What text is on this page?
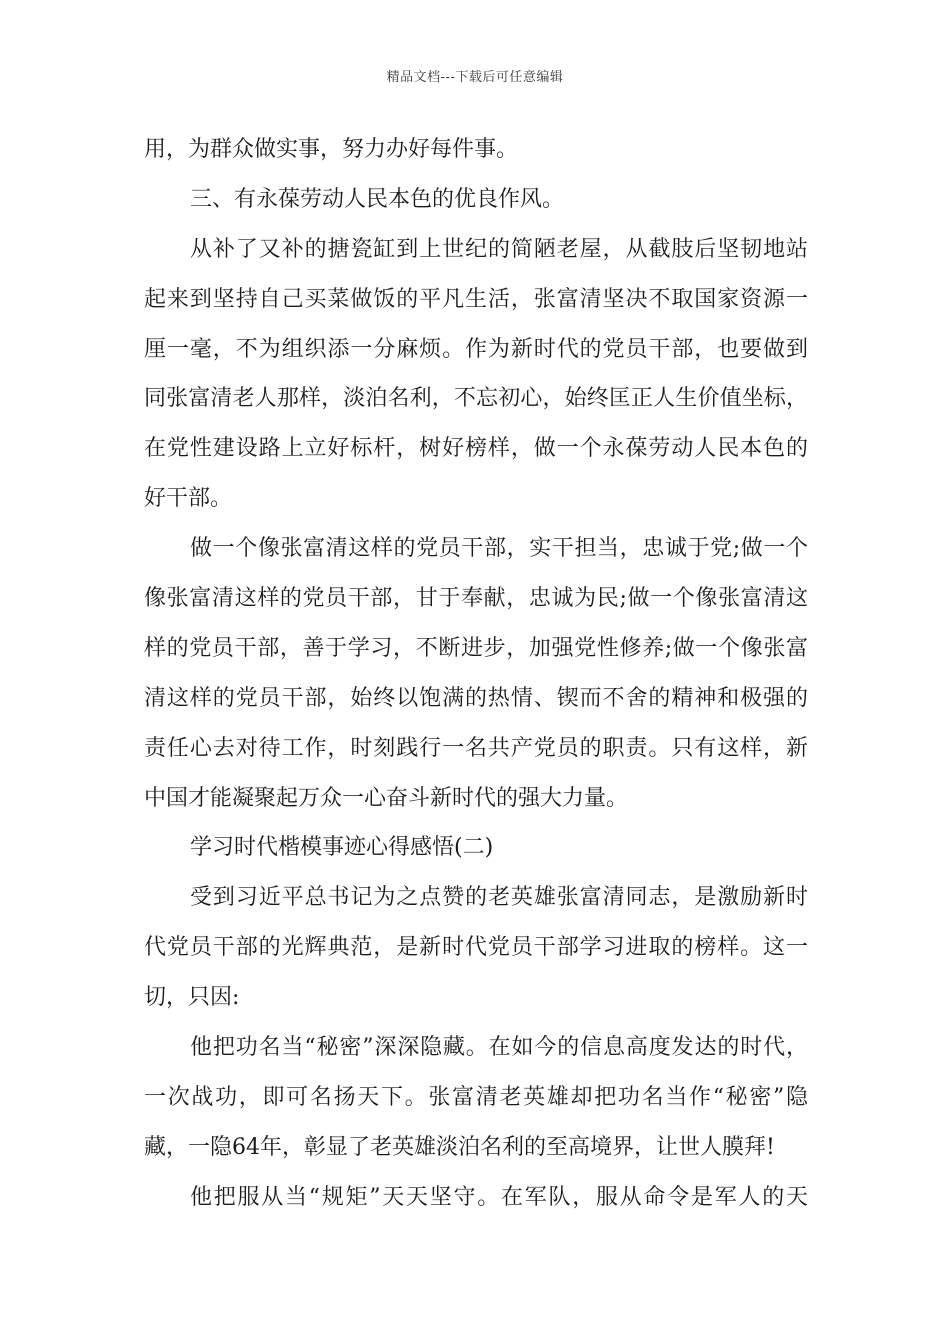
精品文档---下载后可任意编辑
用，为群众做实事，努力办好每件事。
三、有永葆劳动人民本色的优良作风。
从补了又补的搪瓷缸到上世纪的简陋老屋，从截肢后坚韧地站
起来到坚持自己买菜做饭的平凡生活，张富清坚决不取国家资源一
厘一毫，不为组织添一分麻烦。作为新时代的党员干部，也要做到
同张富清老人那样，淡泊名利，不忘初心，始终匡正人生价值坐标，
在党性建设路上立好标杆，树好榜样，做一个永葆劳动人民本色的
好干部。
做一个像张富清这样的党员干部，实干担当，忠诚于党;做一个
像张富清这样的党员干部，甘于奉献，忠诚为民;做一个像张富清这
样的党员干部，善于学习，不断进步，加强党性修养;做一个像张富
清这样的党员干部，始终以饱满的热情、锲而不舍的精神和极强的
责任心去对待工作，时刻践行一名共产党员的职责。只有这样，新
中国才能凝聚起万众一心奋斗新时代的强大力量。
学习时代楷模事迹心得感悟(二)
受到习近平总书记为之点赞的老英雄张富清同志，是激励新时
代党员干部的光辉典范，是新时代党员干部学习进取的榜样。这一
切，只因:
他把功名当“秘密”深深隐藏。在如今的信息高度发达的时代，
一次战功，即可名扬天下。张富清老英雄却把功名当作“秘密”隐
藏，一隐64年，彰显了老英雄淡泊名利的至高境界，让世人膜拜!
他把服从当“规矩”天天坚守。在军队，服从命令是军人的天
